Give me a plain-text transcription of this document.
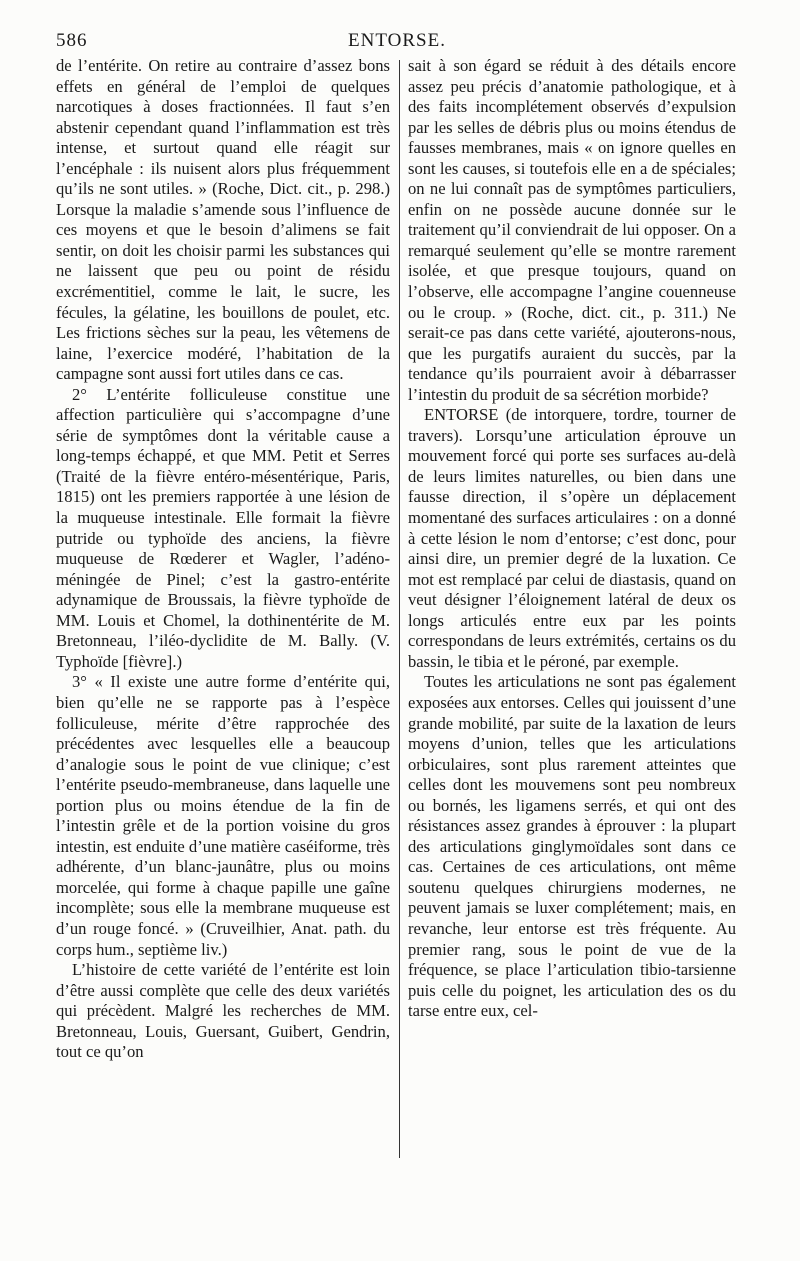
586	ENTORSE.

de l’entérite. On retire au contraire d’assez bons effets en général de l’emploi de quelques narcotiques à doses fractionnées. Il faut s’en abstenir cependant quand l’inflammation est très intense, et surtout quand elle réagit sur l’encéphale : ils nuisent alors plus fréquemment qu’ils ne sont utiles. » (Roche, Dict. cit., p. 298.) Lorsque la maladie s’amende sous l’influence de ces moyens et que le besoin d’alimens se fait sentir, on doit les choisir parmi les substances qui ne laissent que peu ou point de résidu excrémentitiel, comme le lait, le sucre, les fécules, la gélatine, les bouillons de poulet, etc. Les frictions sèches sur la peau, les vêtemens de laine, l’exercice modéré, l’habitation de la campagne sont aussi fort utiles dans ce cas.

2° L’entérite folliculeuse constitue une affection particulière qui s’accompagne d’une série de symptômes dont la véritable cause a long-temps échappé, et que MM. Petit et Serres (Traité de la fièvre entéro-mésentérique, Paris, 1815) ont les premiers rapportée à une lésion de la muqueuse intestinale. Elle formait la fièvre putride ou typhoïde des anciens, la fièvre muqueuse de Rœderer et Wagler, l’adéno-méningée de Pinel; c’est la gastro-entérite adynamique de Broussais, la fièvre typhoïde de MM. Louis et Chomel, la dothinentérite de M. Bretonneau, l’iléo-dyclidite de M. Bally. (V. Typhoïde [fièvre].)

3° « Il existe une autre forme d’entérite qui, bien qu’elle ne se rapporte pas à l’espèce folliculeuse, mérite d’être rapprochée des précédentes avec lesquelles elle a beaucoup d’analogie sous le point de vue clinique; c’est l’entérite pseudo-membraneuse, dans laquelle une portion plus ou moins étendue de la fin de l’intestin grêle et de la portion voisine du gros intestin, est enduite d’une matière caséiforme, très adhérente, d’un blanc-jaunâtre, plus ou moins morcelée, qui forme à chaque papille une gaîne incomplète; sous elle la membrane muqueuse est d’un rouge foncé. » (Cruveilhier, Anat. path. du corps hum., septième liv.)

L’histoire de cette variété de l’entérite est loin d’être aussi complète que celle des deux variétés qui précèdent. Malgré les recherches de MM. Bretonneau, Louis, Guersant, Guibert, Gendrin, tout ce qu’on

sait à son égard se réduit à des détails encore assez peu précis d’anatomie pathologique, et à des faits incomplétement observés d’expulsion par les selles de débris plus ou moins étendus de fausses membranes, mais « on ignore quelles en sont les causes, si toutefois elle en a de spéciales; on ne lui connaît pas de symptômes particuliers, enfin on ne possède aucune donnée sur le traitement qu’il conviendrait de lui opposer. On a remarqué seulement qu’elle se montre rarement isolée, et que presque toujours, quand on l’observe, elle accompagne l’angine couenneuse ou le croup. » (Roche, dict. cit., p. 311.) Ne serait-ce pas dans cette variété, ajouterons-nous, que les purgatifs auraient du succès, par la tendance qu’ils pourraient avoir à débarrasser l’intestin du produit de sa sécrétion morbide?

ENTORSE (de intorquere, tordre, tourner de travers). Lorsqu’une articulation éprouve un mouvement forcé qui porte ses surfaces au-delà de leurs limites naturelles, ou bien dans une fausse direction, il s’opère un déplacement momentané des surfaces articulaires : on a donné à cette lésion le nom d’entorse; c’est donc, pour ainsi dire, un premier degré de la luxation. Ce mot est remplacé par celui de diastasis, quand on veut désigner l’éloignement latéral de deux os longs articulés entre eux par les points correspondans de leurs extrémités, certains os du bassin, le tibia et le péroné, par exemple.

Toutes les articulations ne sont pas également exposées aux entorses. Celles qui jouissent d’une grande mobilité, par suite de la laxation de leurs moyens d’union, telles que les articulations orbiculaires, sont plus rarement atteintes que celles dont les mouvemens sont peu nombreux ou bornés, les ligamens serrés, et qui ont des résistances assez grandes à éprouver : la plupart des articulations ginglymoïdales sont dans ce cas. Certaines de ces articulations, ont même soutenu quelques chirurgiens modernes, ne peuvent jamais se luxer complétement; mais, en revanche, leur entorse est très fréquente. Au premier rang, sous le point de vue de la fréquence, se place l’articulation tibio-tarsienne puis celle du poignet, les articulation des os du tarse entre eux, cel-
